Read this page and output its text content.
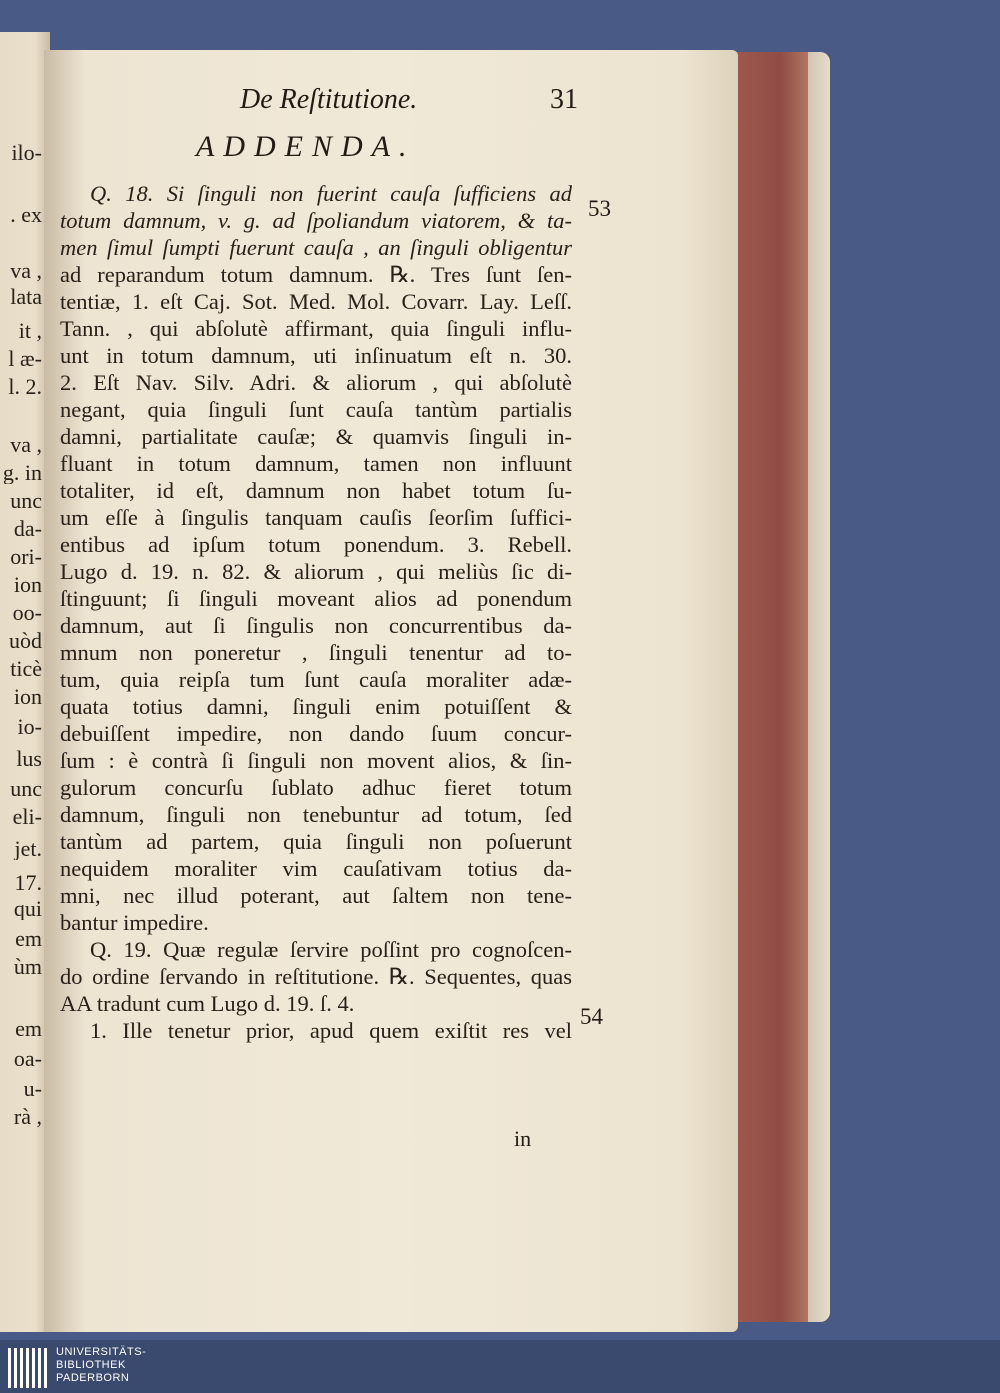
ilo-
. ex
va ,
lata
it ,
l æ-
l. 2.
va ,
g. in
unc
da-
ori-
ion
oo-
uòd
ticè
ion
io-
lus
unc
eli-
jet.
17.
qui
em
ùm
em
oa-
u-
rà ,
De Reſtitutione.	31
ADDENDA.
53
54
Q. 18. Si ſinguli non fuerint cauſa ſufficiens ad
totum damnum, v. g. ad ſpoliandum viatorem, & ta-
men ſimul ſumpti fuerunt cauſa , an ſinguli obligentur
ad reparandum totum damnum. ℞. Tres ſunt ſen-
tentiæ, 1. eſt Caj. Sot. Med. Mol. Covarr. Lay. Leſſ.
Tann. , qui abſolutè affirmant, quia ſinguli influ-
unt in totum damnum, uti inſinuatum eſt n. 30.
2. Eſt Nav. Silv. Adri. & aliorum , qui abſolutè
negant, quia ſinguli ſunt cauſa tantùm partialis
damni, partialitate cauſæ; & quamvis ſinguli in-
fluant in totum damnum, tamen non influunt
totaliter, id eſt, damnum non habet totum ſu-
um eſſe à ſingulis tanquam cauſis ſeorſim ſuffici-
entibus ad ipſum totum ponendum. 3. Rebell.
Lugo d. 19. n. 82. & aliorum , qui meliùs ſic di-
ſtinguunt; ſi ſinguli moveant alios ad ponendum
damnum, aut ſi ſingulis non concurrentibus da-
mnum non poneretur , ſinguli tenentur ad to-
tum, quia reipſa tum ſunt cauſa moraliter adæ-
quata totius damni, ſinguli enim potuiſſent &
debuiſſent impedire, non dando ſuum concur-
ſum : è contrà ſi ſinguli non movent alios, & ſin-
gulorum concurſu ſublato adhuc fieret totum
damnum, ſinguli non tenebuntur ad totum, ſed
tantùm ad partem, quia ſinguli non poſuerunt
nequidem moraliter vim cauſativam totius da-
mni, nec illud poterant, aut ſaltem non tene-
bantur impedire.
Q. 19. Quæ regulæ ſervire poſſint pro cognoſcen-
do ordine ſervando in reſtitutione. ℞. Sequentes, quas
AA tradunt cum Lugo d. 19. ſ. 4.
1. Ille tenetur prior, apud quem exiſtit res vel
in
UNIVERSITÄTS-
BIBLIOTHEK
PADERBORN
